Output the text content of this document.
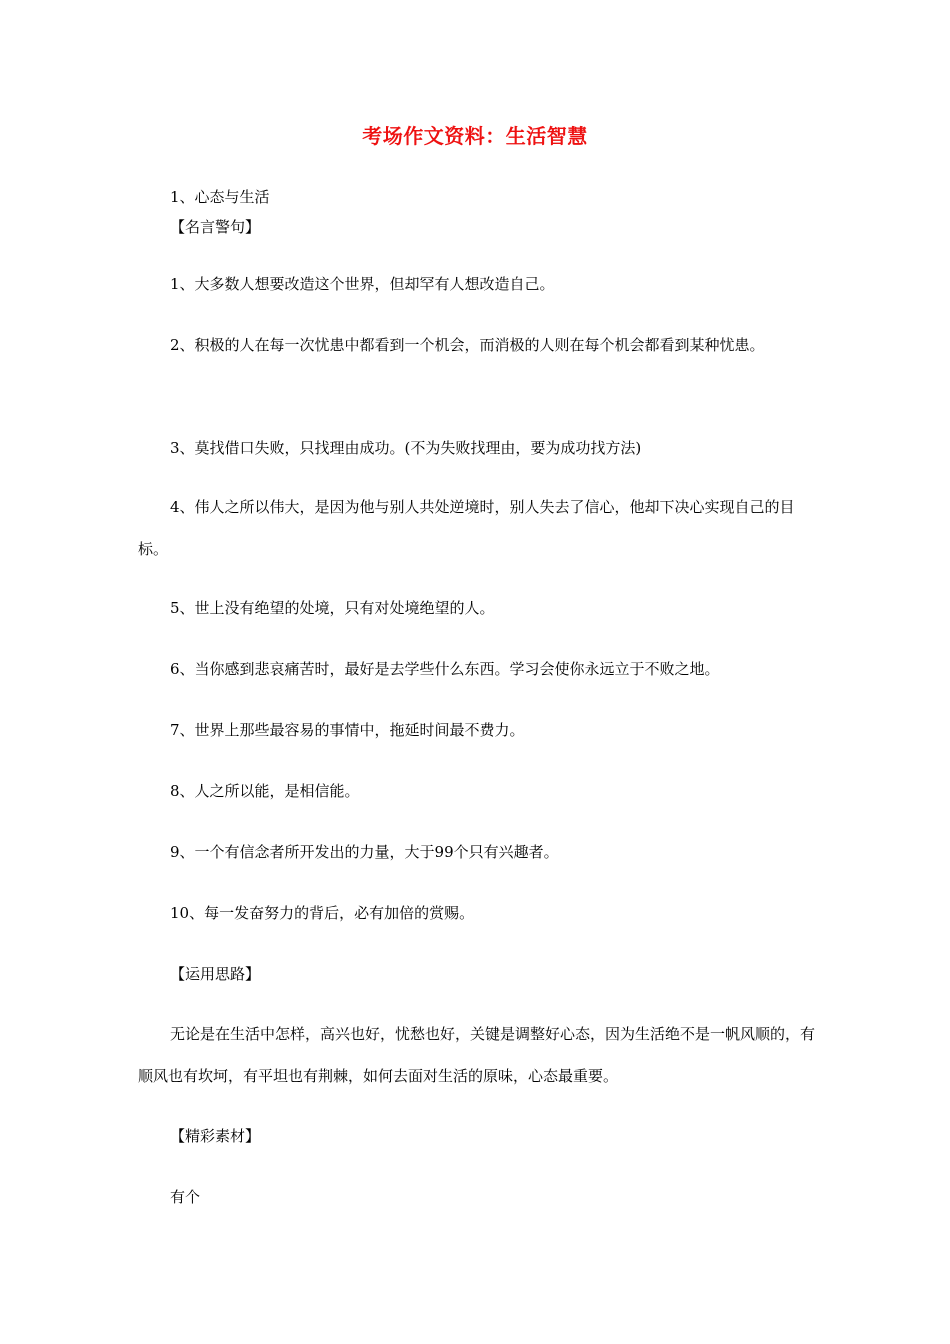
考场作文资料：生活智慧

1、心态与生活

【名言警句】

1、大多数人想要改造这个世界，但却罕有人想改造自己。

2、积极的人在每一次忧患中都看到一个机会，而消极的人则在每个机会都看到某种忧患。

3、莫找借口失败，只找理由成功。(不为失败找理由，要为成功找方法)

4、伟人之所以伟大，是因为他与别人共处逆境时，别人失去了信心，他却下决心实现自己的目标。

5、世上没有绝望的处境，只有对处境绝望的人。

6、当你感到悲哀痛苦时，最好是去学些什么东西。学习会使你永远立于不败之地。

7、世界上那些最容易的事情中，拖延时间最不费力。

8、人之所以能，是相信能。

9、一个有信念者所开发出的力量，大于99个只有兴趣者。

10、每一发奋努力的背后，必有加倍的赏赐。

【运用思路】

无论是在生活中怎样，高兴也好，忧愁也好，关键是调整好心态，因为生活绝不是一帆风顺的，有顺风也有坎坷，有平坦也有荆棘，如何去面对生活的原味，心态最重要。

【精彩素材】

有个
